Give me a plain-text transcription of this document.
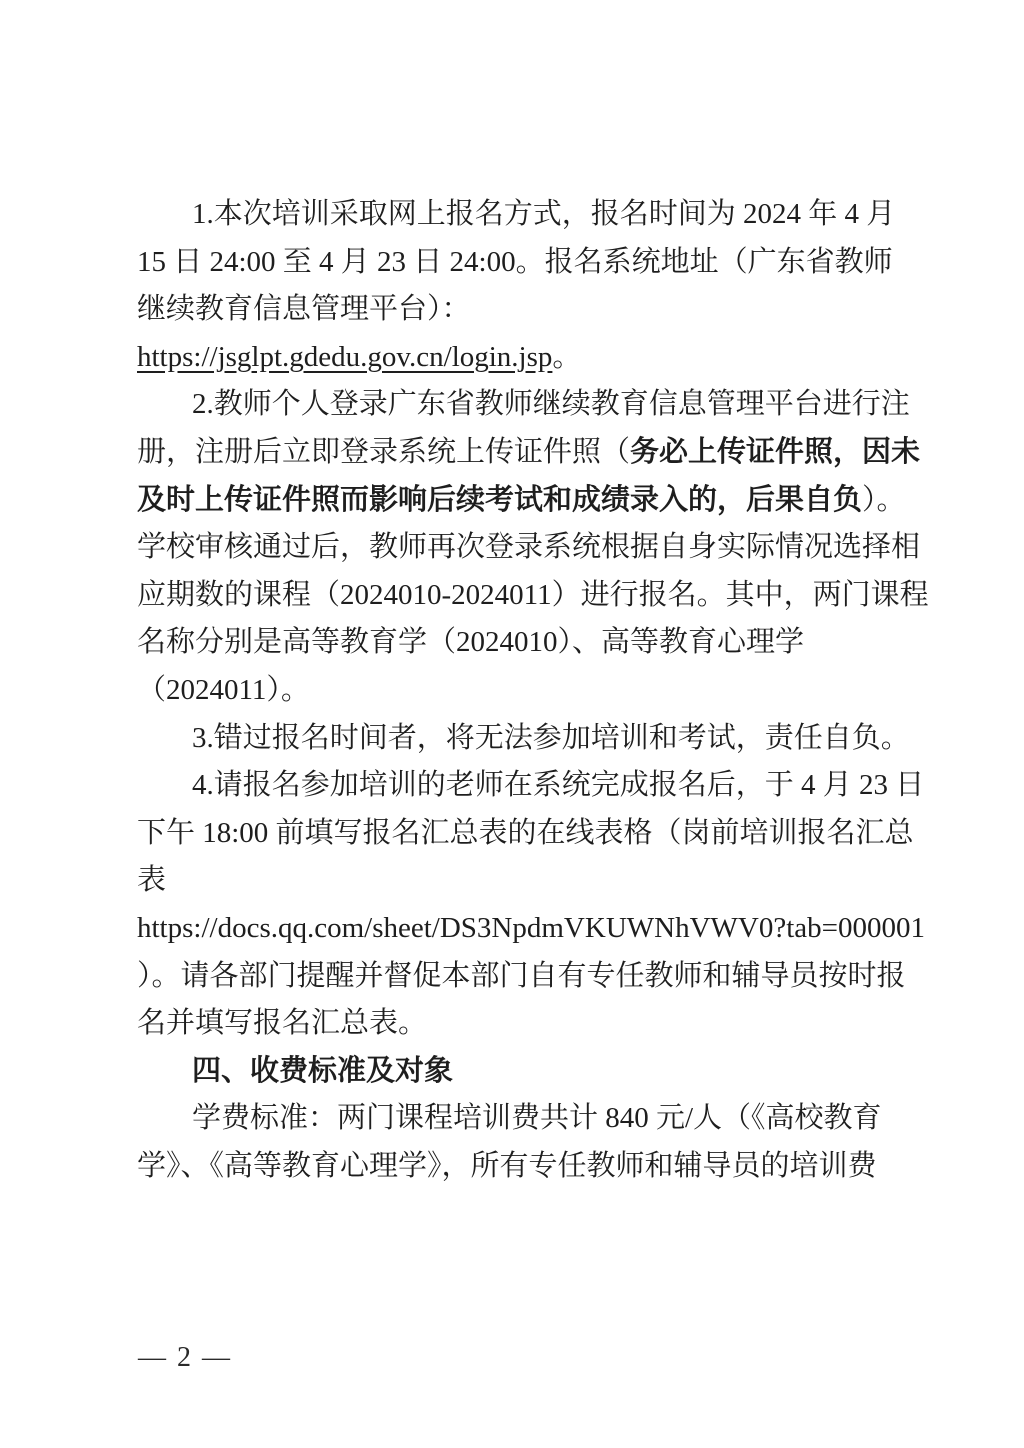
1.本次培训采取网上报名方式，报名时间为 2024 年 4 月
15 日 24:00 至 4 月 23 日 24:00。报名系统地址（广东省教师
继续教育信息管理平台）：
https://jsglpt.gdedu.gov.cn/login.jsp。
2.教师个人登录广东省教师继续教育信息管理平台进行注
册，注册后立即登录系统上传证件照（务必上传证件照，因未
及时上传证件照而影响后续考试和成绩录入的，后果自负）。
学校审核通过后，教师再次登录系统根据自身实际情况选择相
应期数的课程（2024010-2024011）进行报名。其中，两门课程
名称分别是高等教育学（2024010）、高等教育心理学
（2024011）。
3.错过报名时间者，将无法参加培训和考试，责任自负。
4.请报名参加培训的老师在系统完成报名后，于 4 月 23 日
下午 18:00 前填写报名汇总表的在线表格（岗前培训报名汇总
表
https://docs.qq.com/sheet/DS3NpdmVKUWNhVWV0?tab=000001
）。请各部门提醒并督促本部门自有专任教师和辅导员按时报
名并填写报名汇总表。
四、收费标准及对象
学费标准：两门课程培训费共计 840 元/人（《高校教育
学》、《高等教育心理学》，所有专任教师和辅导员的培训费
— 2 —
